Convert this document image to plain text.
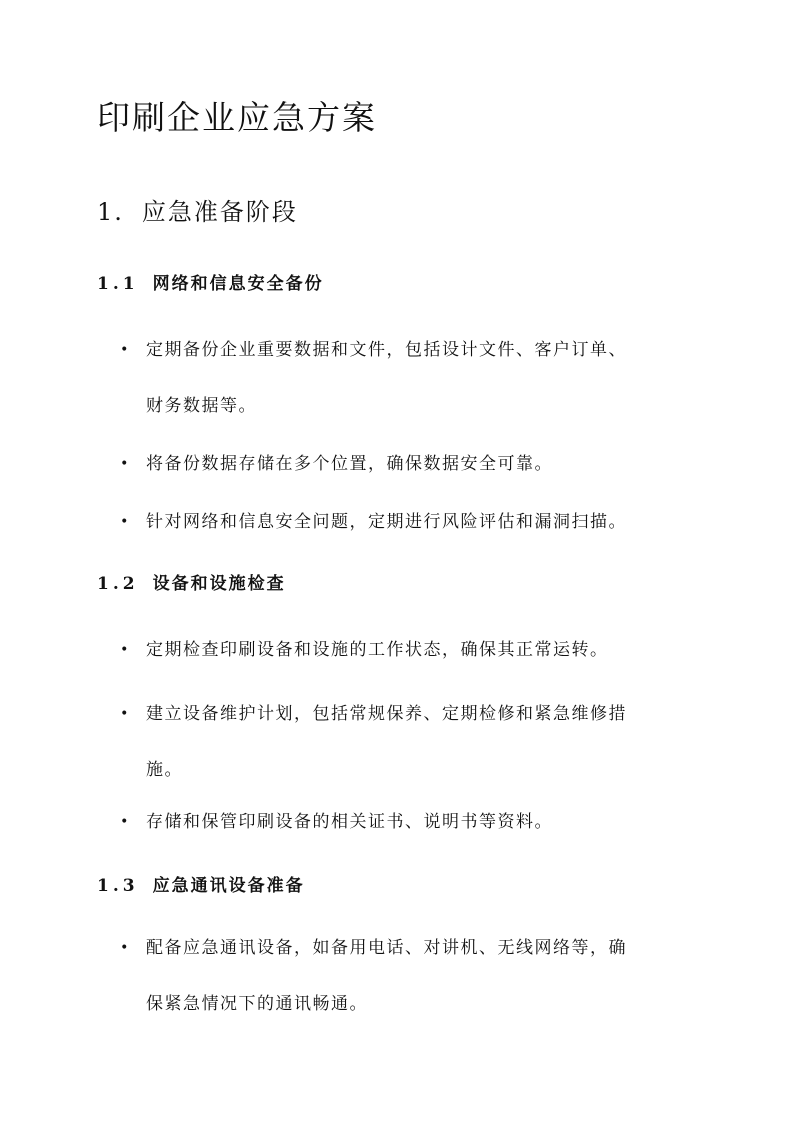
印刷企业应急方案
1. 应急准备阶段
1.1 网络和信息安全备份
• 定期备份企业重要数据和文件，包括设计文件、客户订单、
财务数据等。
• 将备份数据存储在多个位置，确保数据安全可靠。
• 针对网络和信息安全问题，定期进行风险评估和漏洞扫描。
1.2 设备和设施检查
• 定期检查印刷设备和设施的工作状态，确保其正常运转。
• 建立设备维护计划，包括常规保养、定期检修和紧急维修措
施。
• 存储和保管印刷设备的相关证书、说明书等资料。
1.3 应急通讯设备准备
• 配备应急通讯设备，如备用电话、对讲机、无线网络等，确
保紧急情况下的通讯畅通。
